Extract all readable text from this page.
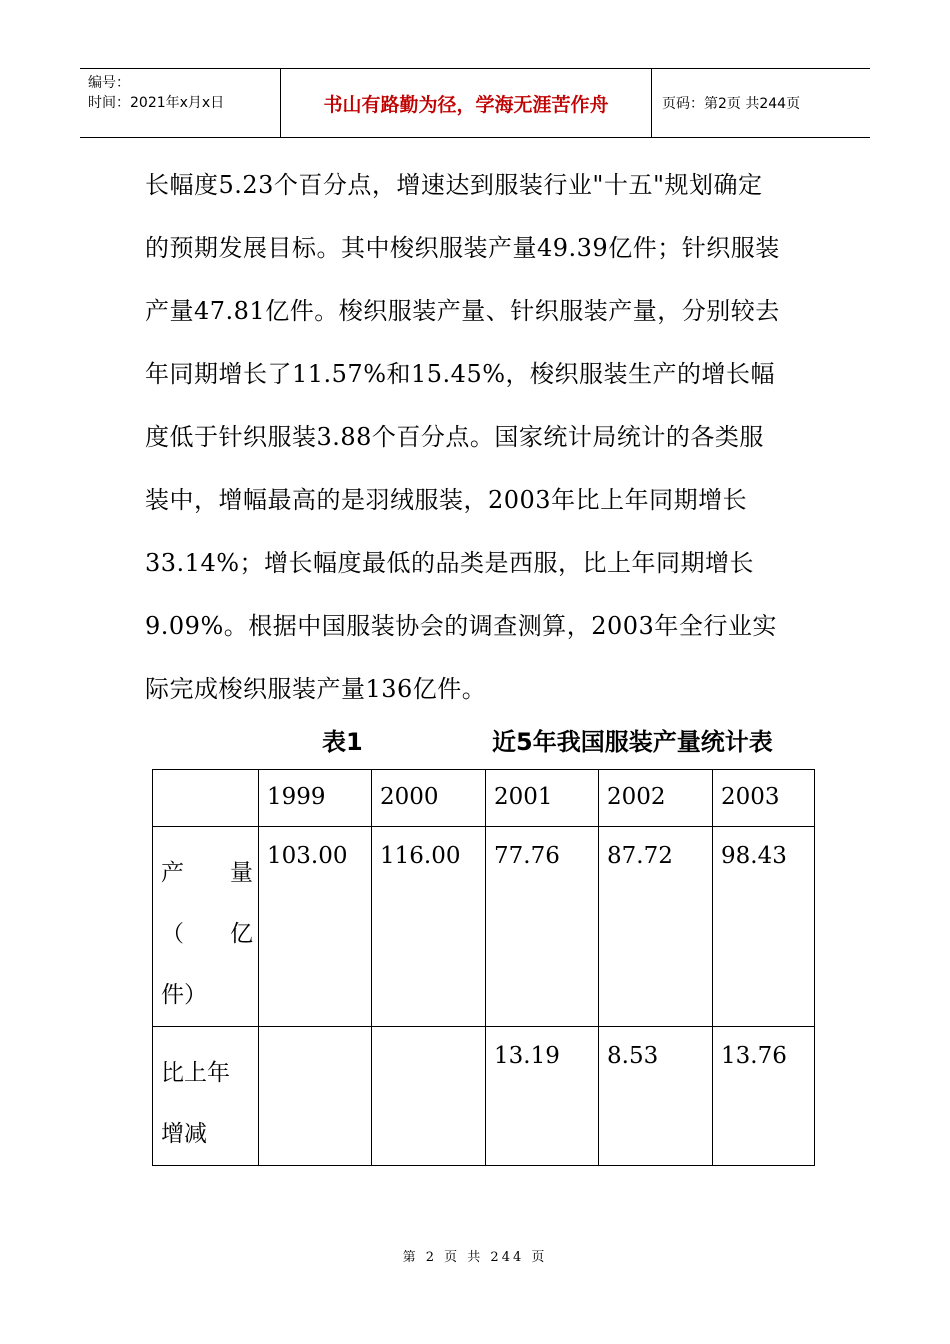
编号：
时间：2021年x月x日	书山有路勤为径，学海无涯苦作舟	页码：第2页 共244页

长幅度5.23个百分点，增速达到服装行业"十五"规划确定

的预期发展目标。其中梭织服装产量49.39亿件；针织服装

产量47.81亿件。梭织服装产量、针织服装产量，分别较去

年同期增长了11.57%和15.45%，梭织服装生产的增长幅

度低于针织服装3.88个百分点。国家统计局统计的各类服

装中，增幅最高的是羽绒服装，2003年比上年同期增长

33.14%；增长幅度最低的品类是西服，比上年同期增长

9.09%。根据中国服装协会的调查测算，2003年全行业实

际完成梭织服装产量136亿件。

表1	近5年我国服装产量统计表
	1999	2000	2001	2002	2003

产　　量
（　　亿
件）	103.00	116.00	77.76	87.72	98.43

比上年
增减			13.19	8.53	13.76
第 2 页 共 244 页
